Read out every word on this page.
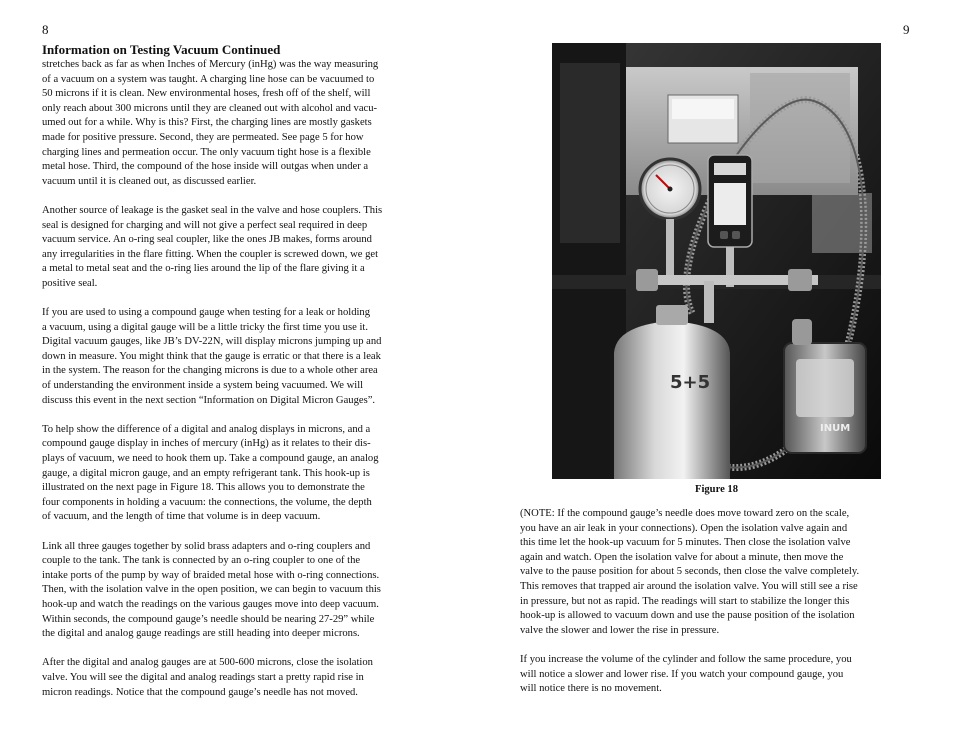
8	9
Information on Testing Vacuum Continued

stretches back as far as when Inches of Mercury (inHg) was the way measuring
of a vacuum on a system was taught. A charging line hose can be vacuumed to
50 microns if it is clean. New environmental hoses, fresh off of the shelf, will
only reach about 300 microns until they are cleaned out with alcohol and vacu-
umed out for a while. Why is this? First, the charging lines are mostly gaskets
made for positive pressure. Second, they are permeated. See page 5 for how
charging lines and permeation occur. The only vacuum tight hose is a flexible
metal hose. Third, the compound of the hose inside will outgas when under a
vacuum until it is cleaned out, as discussed earlier.

Another source of leakage is the gasket seal in the valve and hose couplers. This
seal is designed for charging and will not give a perfect seal required in deep
vacuum service. An o-ring seal coupler, like the ones JB makes, forms around
any irregularities in the flare fitting. When the coupler is screwed down, we get
a metal to metal seat and the o-ring lies around the lip of the flare giving it a
positive seal.

If you are used to using a compound gauge when testing for a leak or holding
a vacuum, using a digital gauge will be a little tricky the first time you use it.
Digital vacuum gauges, like JB’s DV-22N, will display microns jumping up and
down in measure. You might think that the gauge is erratic or that there is a leak
in the system. The reason for the changing microns is due to a whole other area
of understanding the environment inside a system being vacuumed. We will
discuss this event in the next section “Information on Digital Micron Gauges”.

To help show the difference of a digital and analog displays in microns, and a
compound gauge display in inches of mercury (inHg) as it relates to their dis-
plays of vacuum, we need to hook them up. Take a compound gauge, an analog
gauge, a digital micron gauge, and an empty refrigerant tank. This hook-up is
illustrated on the next page in Figure 18. This allows you to demonstrate the
four components in holding a vacuum: the connections, the volume, the depth
of vacuum, and the length of time that volume is in deep vacuum.

Link all three gauges together by solid brass adapters and o-ring couplers and
couple to the tank. The tank is connected by an o-ring coupler to one of the
intake ports of the pump by way of braided metal hose with o-ring connections.
Then, with the isolation valve in the open position, we can begin to vacuum this
hook-up and watch the readings on the various gauges move into deep vacuum.
Within seconds, the compound gauge’s needle should be nearing 27-29” while
the digital and analog gauge readings are still heading into deeper microns.

After the digital and analog gauges are at 500-600 microns, close the isolation
valve. You will see the digital and analog readings start a pretty rapid rise in
micron readings. Notice that the compound gauge’s needle has not moved.

5+5
INUM
Figure 18

(NOTE: If the compound gauge’s needle does move toward zero on the scale,
you have an air leak in your connections). Open the isolation valve again and
this time let the hook-up vacuum for 5 minutes. Then close the isolation valve
again and watch. Open the isolation valve for about a minute, then move the
valve to the pause position for about 5 seconds, then close the valve completely.
This removes that trapped air around the isolation valve. You will still see a rise
in pressure, but not as rapid. The readings will start to stabilize the longer this
hook-up is allowed to vacuum down and use the pause position of the isolation
valve the slower and lower the rise in pressure.

If you increase the volume of the cylinder and follow the same procedure, you
will notice a slower and lower rise. If you watch your compound gauge, you
will notice there is no movement.
